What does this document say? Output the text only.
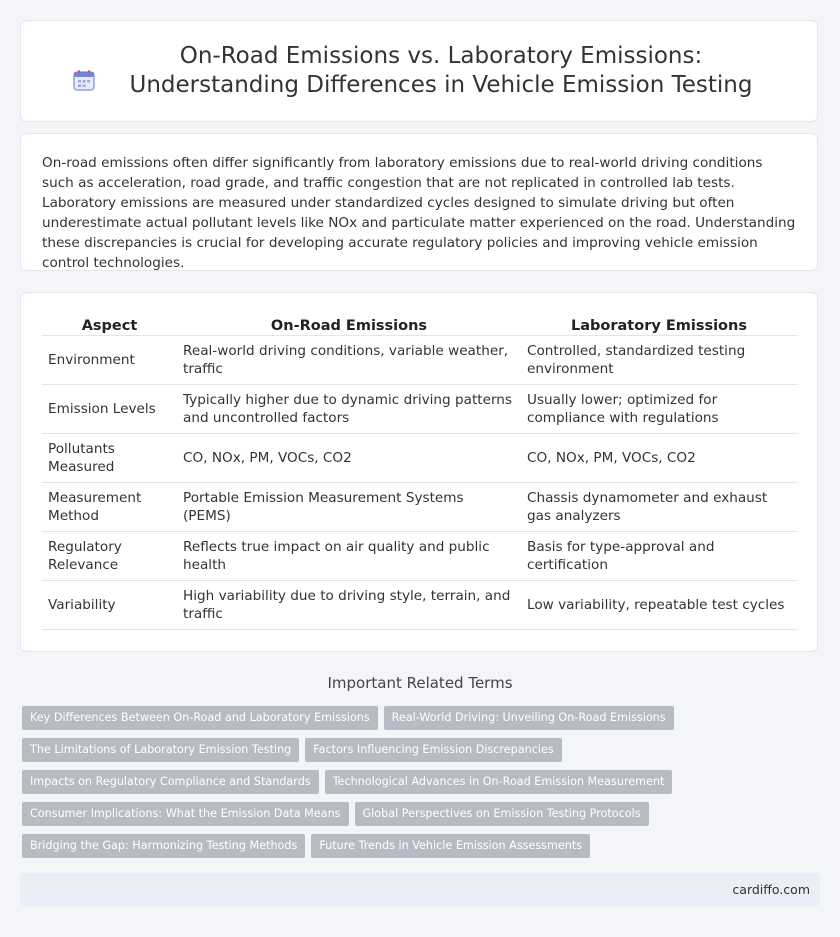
On-Road Emissions vs. Laboratory Emissions: Understanding Differences in Vehicle Emission Testing

On-road emissions often differ significantly from laboratory emissions due to real-world driving conditions such as acceleration, road grade, and traffic congestion that are not replicated in controlled lab tests. Laboratory emissions are measured under standardized cycles designed to simulate driving but often underestimate actual pollutant levels like NOx and particulate matter experienced on the road. Understanding these discrepancies is crucial for developing accurate regulatory policies and improving vehicle emission control technologies.

Aspect	On-Road Emissions	Laboratory Emissions
Environment	Real-world driving conditions, variable weather, traffic	Controlled, standardized testing environment
Emission Levels	Typically higher due to dynamic driving patterns and uncontrolled factors	Usually lower; optimized for compliance with regulations
Pollutants Measured	CO, NOx, PM, VOCs, CO2	CO, NOx, PM, VOCs, CO2
Measurement Method	Portable Emission Measurement Systems (PEMS)	Chassis dynamometer and exhaust gas analyzers
Regulatory Relevance	Reflects true impact on air quality and public health	Basis for type-approval and certification
Variability	High variability due to driving style, terrain, and traffic	Low variability, repeatable test cycles
Important Related Terms
Key Differences Between On-Road and Laboratory Emissions Real-World Driving: Unveiling On-Road Emissions
The Limitations of Laboratory Emission Testing Factors Influencing Emission Discrepancies
Impacts on Regulatory Compliance and Standards Technological Advances in On-Road Emission Measurement
Consumer Implications: What the Emission Data Means Global Perspectives on Emission Testing Protocols
Bridging the Gap: Harmonizing Testing Methods Future Trends in Vehicle Emission Assessments
cardiffo.com
